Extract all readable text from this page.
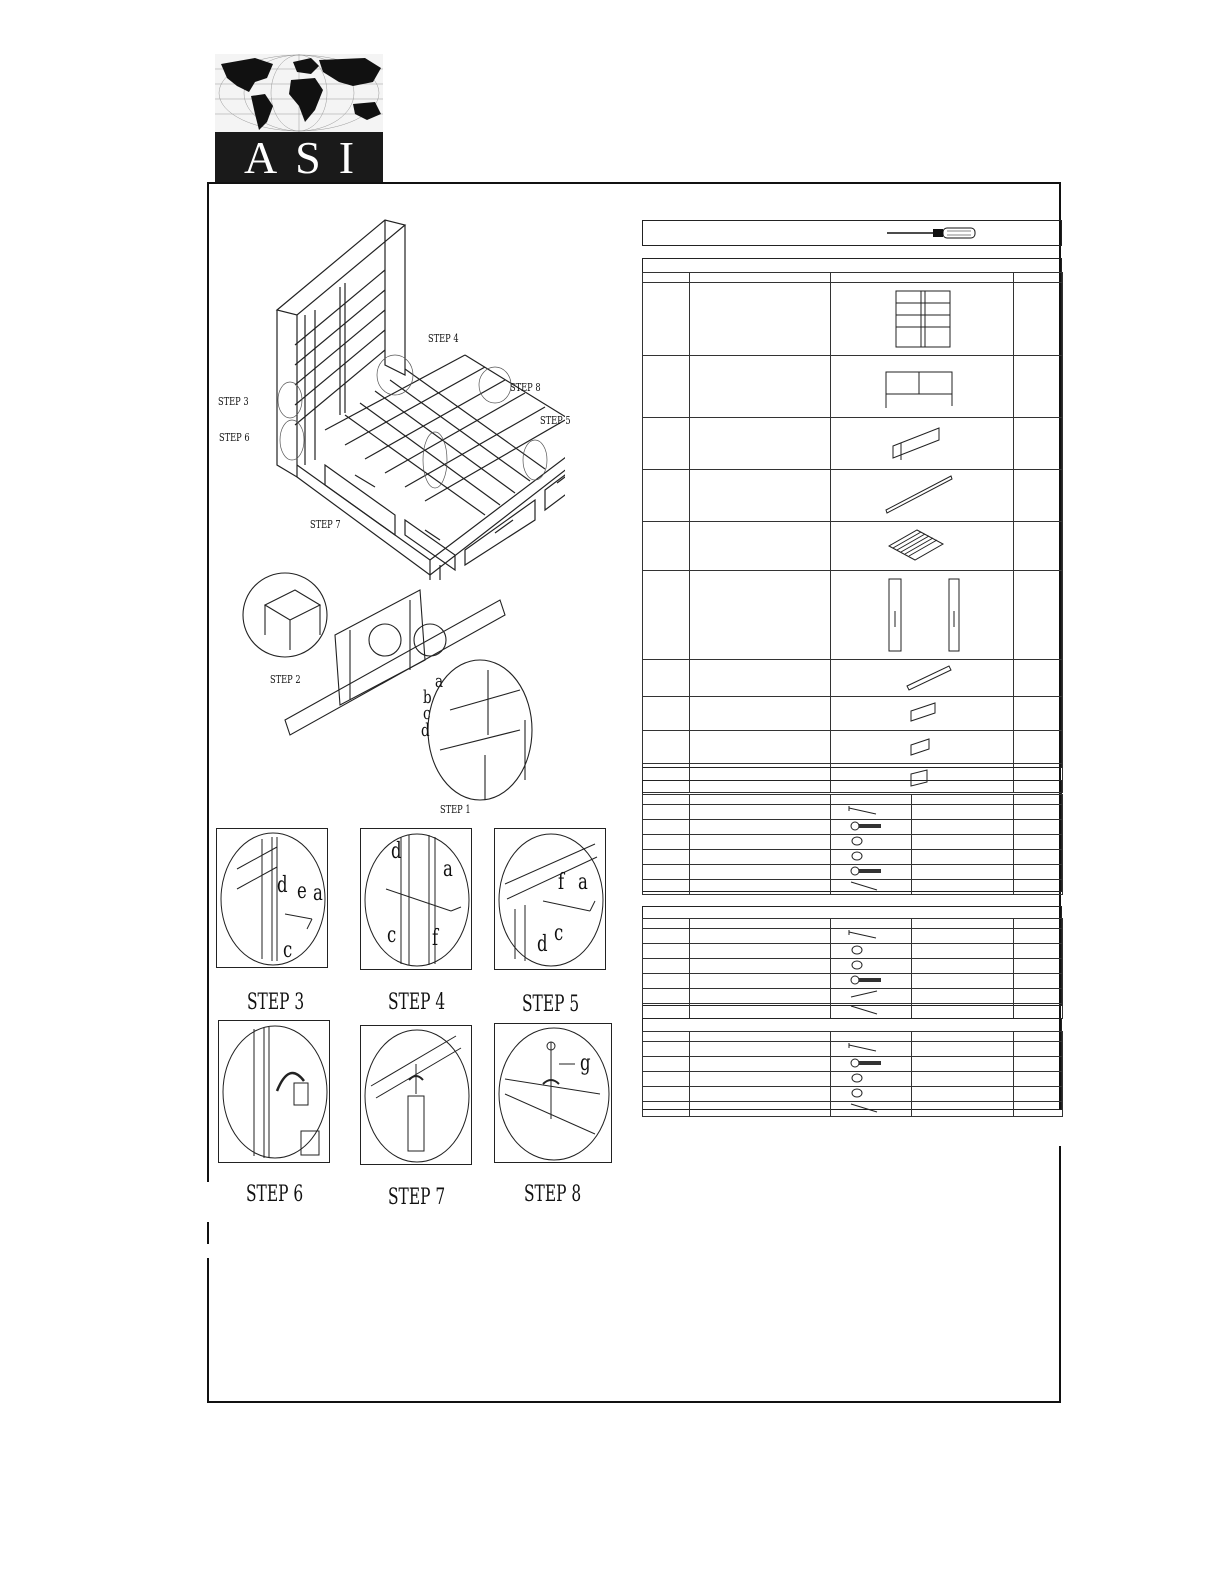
ASI
STEP 3
STEP 6
STEP 4
STEP 8
STEP 5
STEP 7
STEP 2
STEP 1
a
b
c
d
d e a
c
STEP 3
d
a
c f
STEP 4
f a
d c
STEP 5
STEP 6	STEP 7
g
STEP 8
